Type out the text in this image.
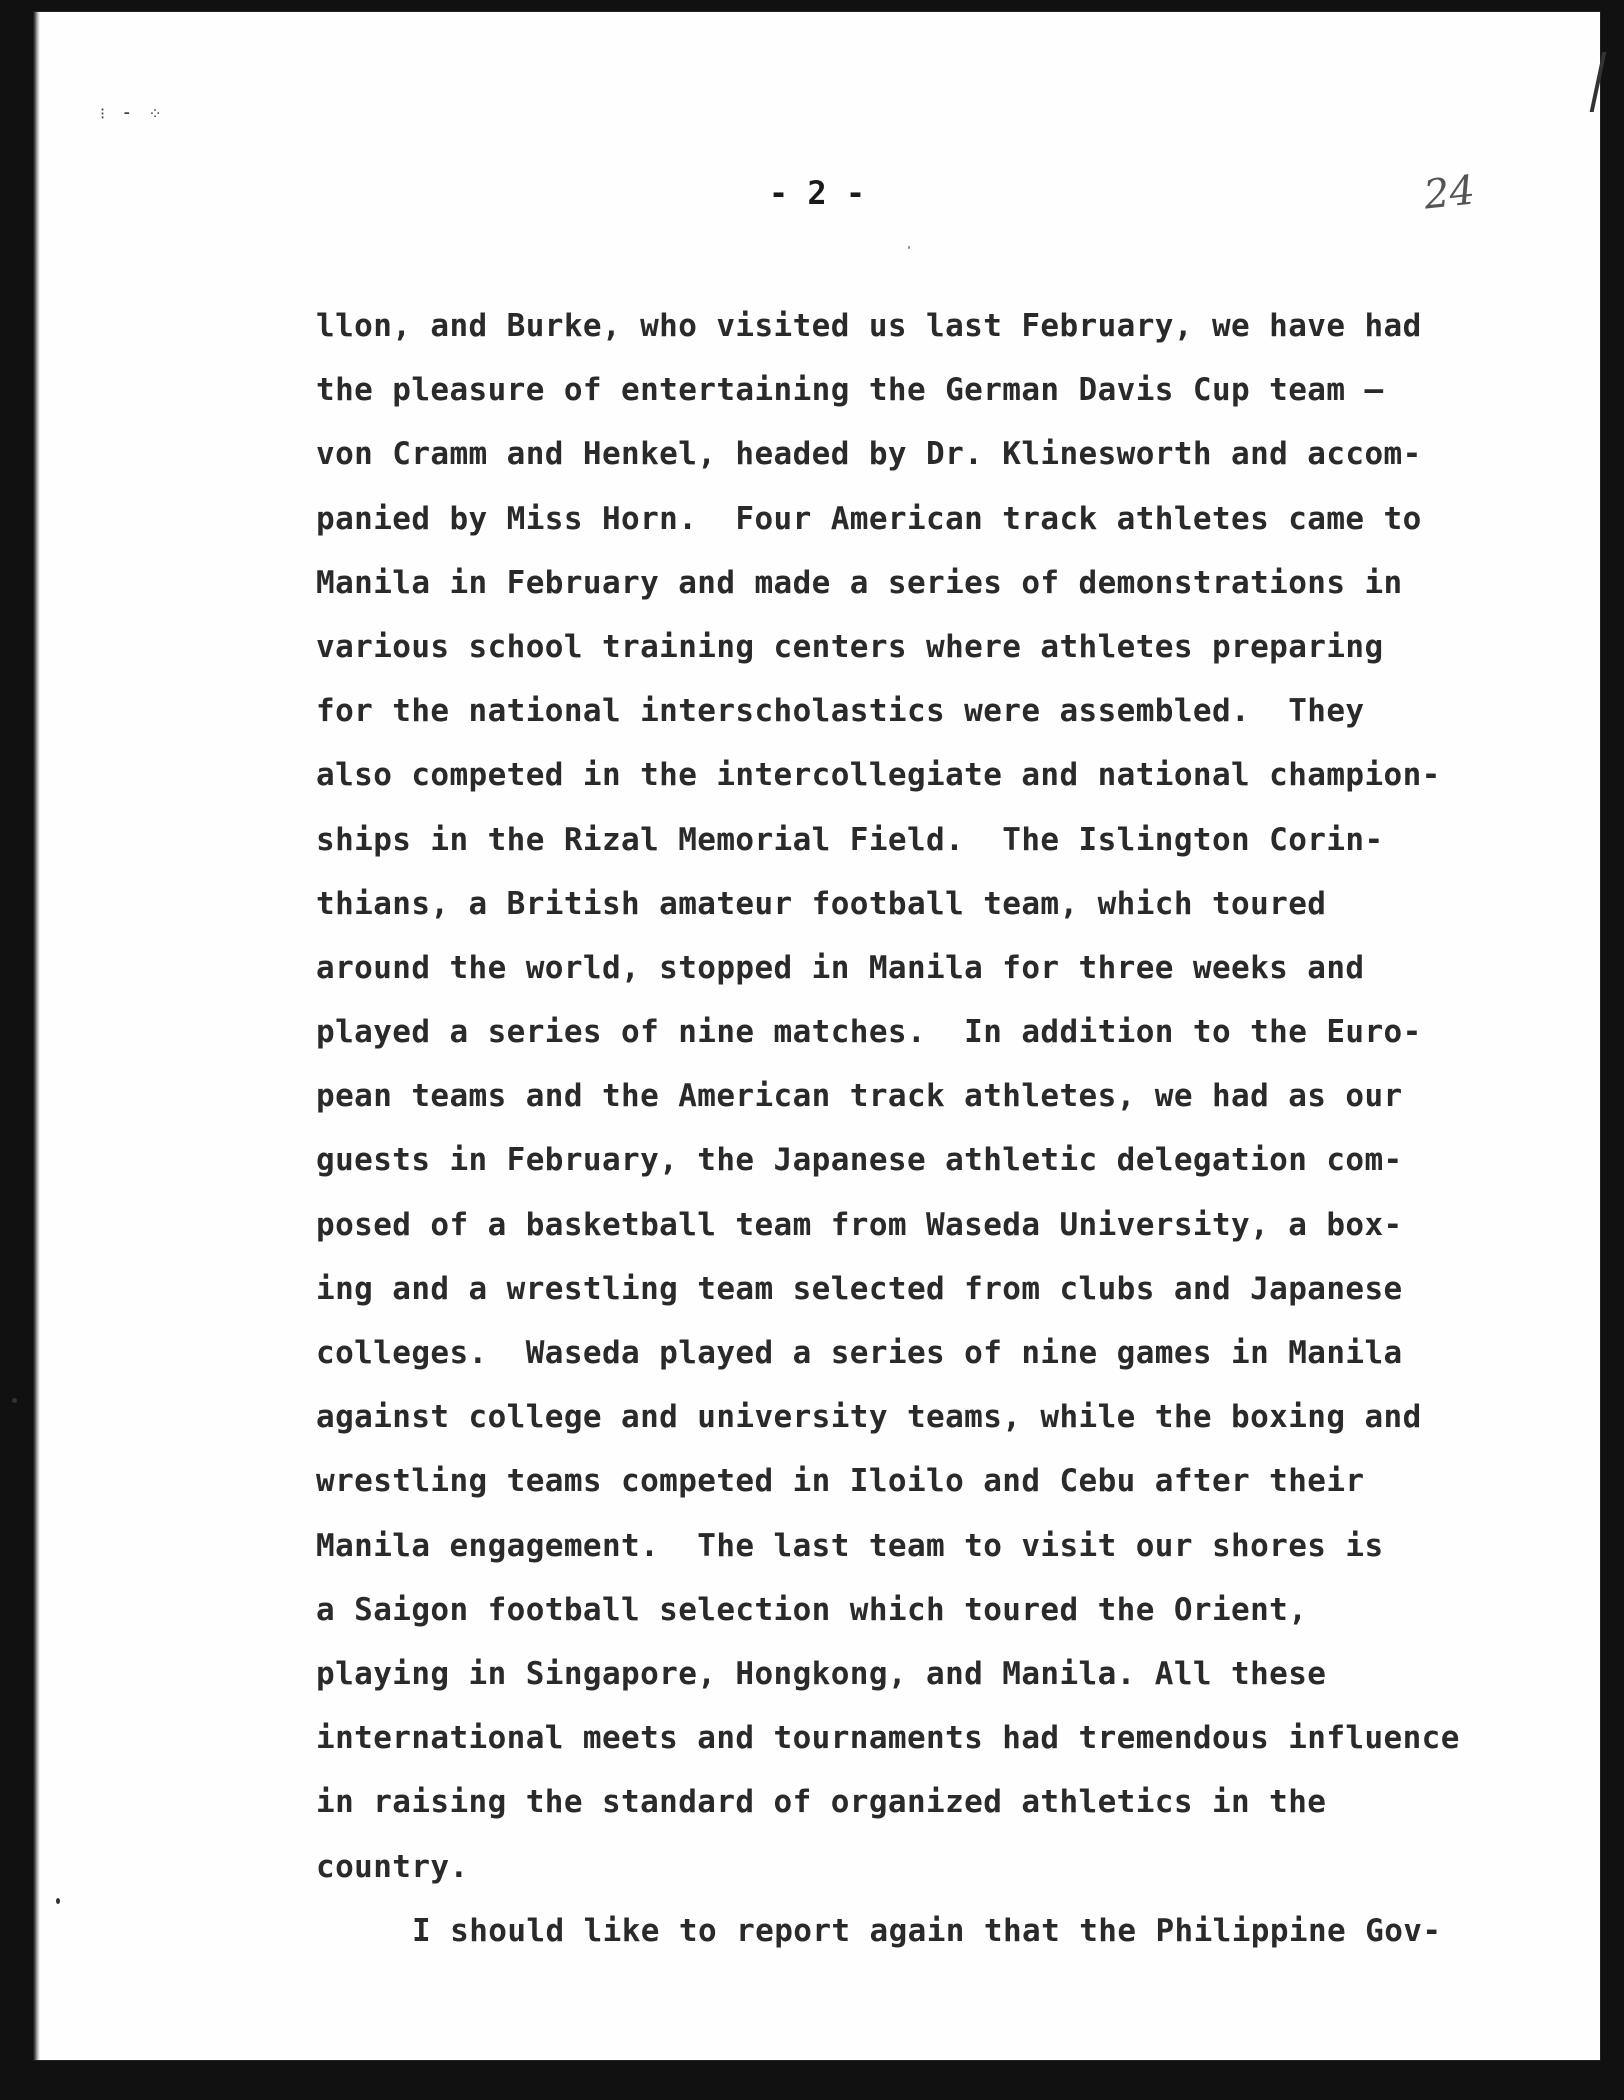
⁝ ⁃ ⁘
- 2 -	24
llon, and Burke, who visited us last February, we have had
the pleasure of entertaining the German Davis Cup team —
von Cramm and Henkel, headed by Dr. Klinesworth and accom-
panied by Miss Horn.  Four American track athletes came to
Manila in February and made a series of demonstrations in
various school training centers where athletes preparing
for the national interscholastics were assembled.  They
also competed in the intercollegiate and national champion-
ships in the Rizal Memorial Field.  The Islington Corin-
thians, a British amateur football team, which toured
around the world, stopped in Manila for three weeks and
played a series of nine matches.  In addition to the Euro-
pean teams and the American track athletes, we had as our
guests in February, the Japanese athletic delegation com-
posed of a basketball team from Waseda University, a box-
ing and a wrestling team selected from clubs and Japanese
colleges.  Waseda played a series of nine games in Manila
against college and university teams, while the boxing and
wrestling teams competed in Iloilo and Cebu after their
Manila engagement.  The last team to visit our shores is
a Saigon football selection which toured the Orient,
playing in Singapore, Hongkong, and Manila. All these
international meets and tournaments had tremendous influence
in raising the standard of organized athletics in the
country.
I should like to report again that the Philippine Gov-
